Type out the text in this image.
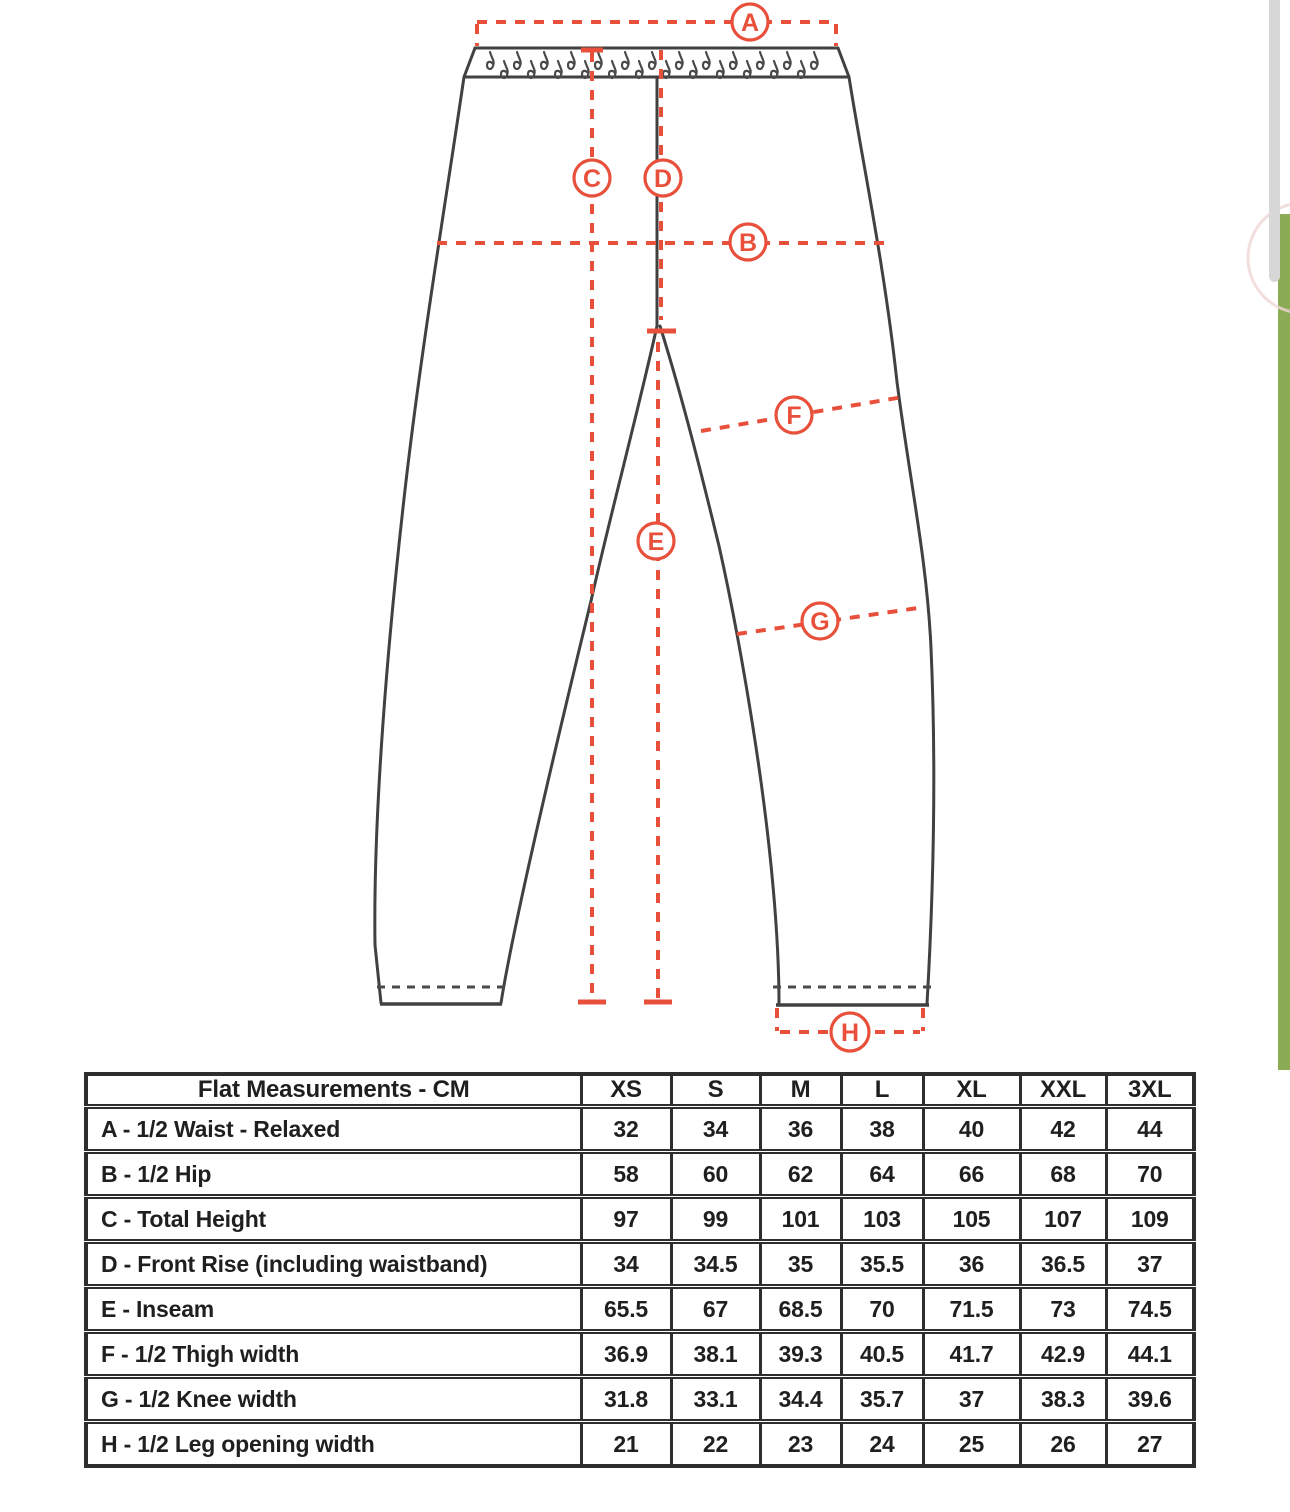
A
B
C D
E
F
G
H
Flat Measurements - CM	XS	S	M	L	XL	XXL	3XL
A - 1/2 Waist - Relaxed	32	34	36	38	40	42	44
B - 1/2 Hip	58	60	62	64	66	68	70
C - Total Height	97	99	101	103	105	107	109
D - Front Rise (including waistband)	34	34.5	35	35.5	36	36.5	37
E - Inseam	65.5	67	68.5	70	71.5	73	74.5
F - 1/2 Thigh width	36.9	38.1	39.3	40.5	41.7	42.9	44.1
G - 1/2 Knee width	31.8	33.1	34.4	35.7	37	38.3	39.6
H - 1/2 Leg opening width	21	22	23	24	25	26	27
